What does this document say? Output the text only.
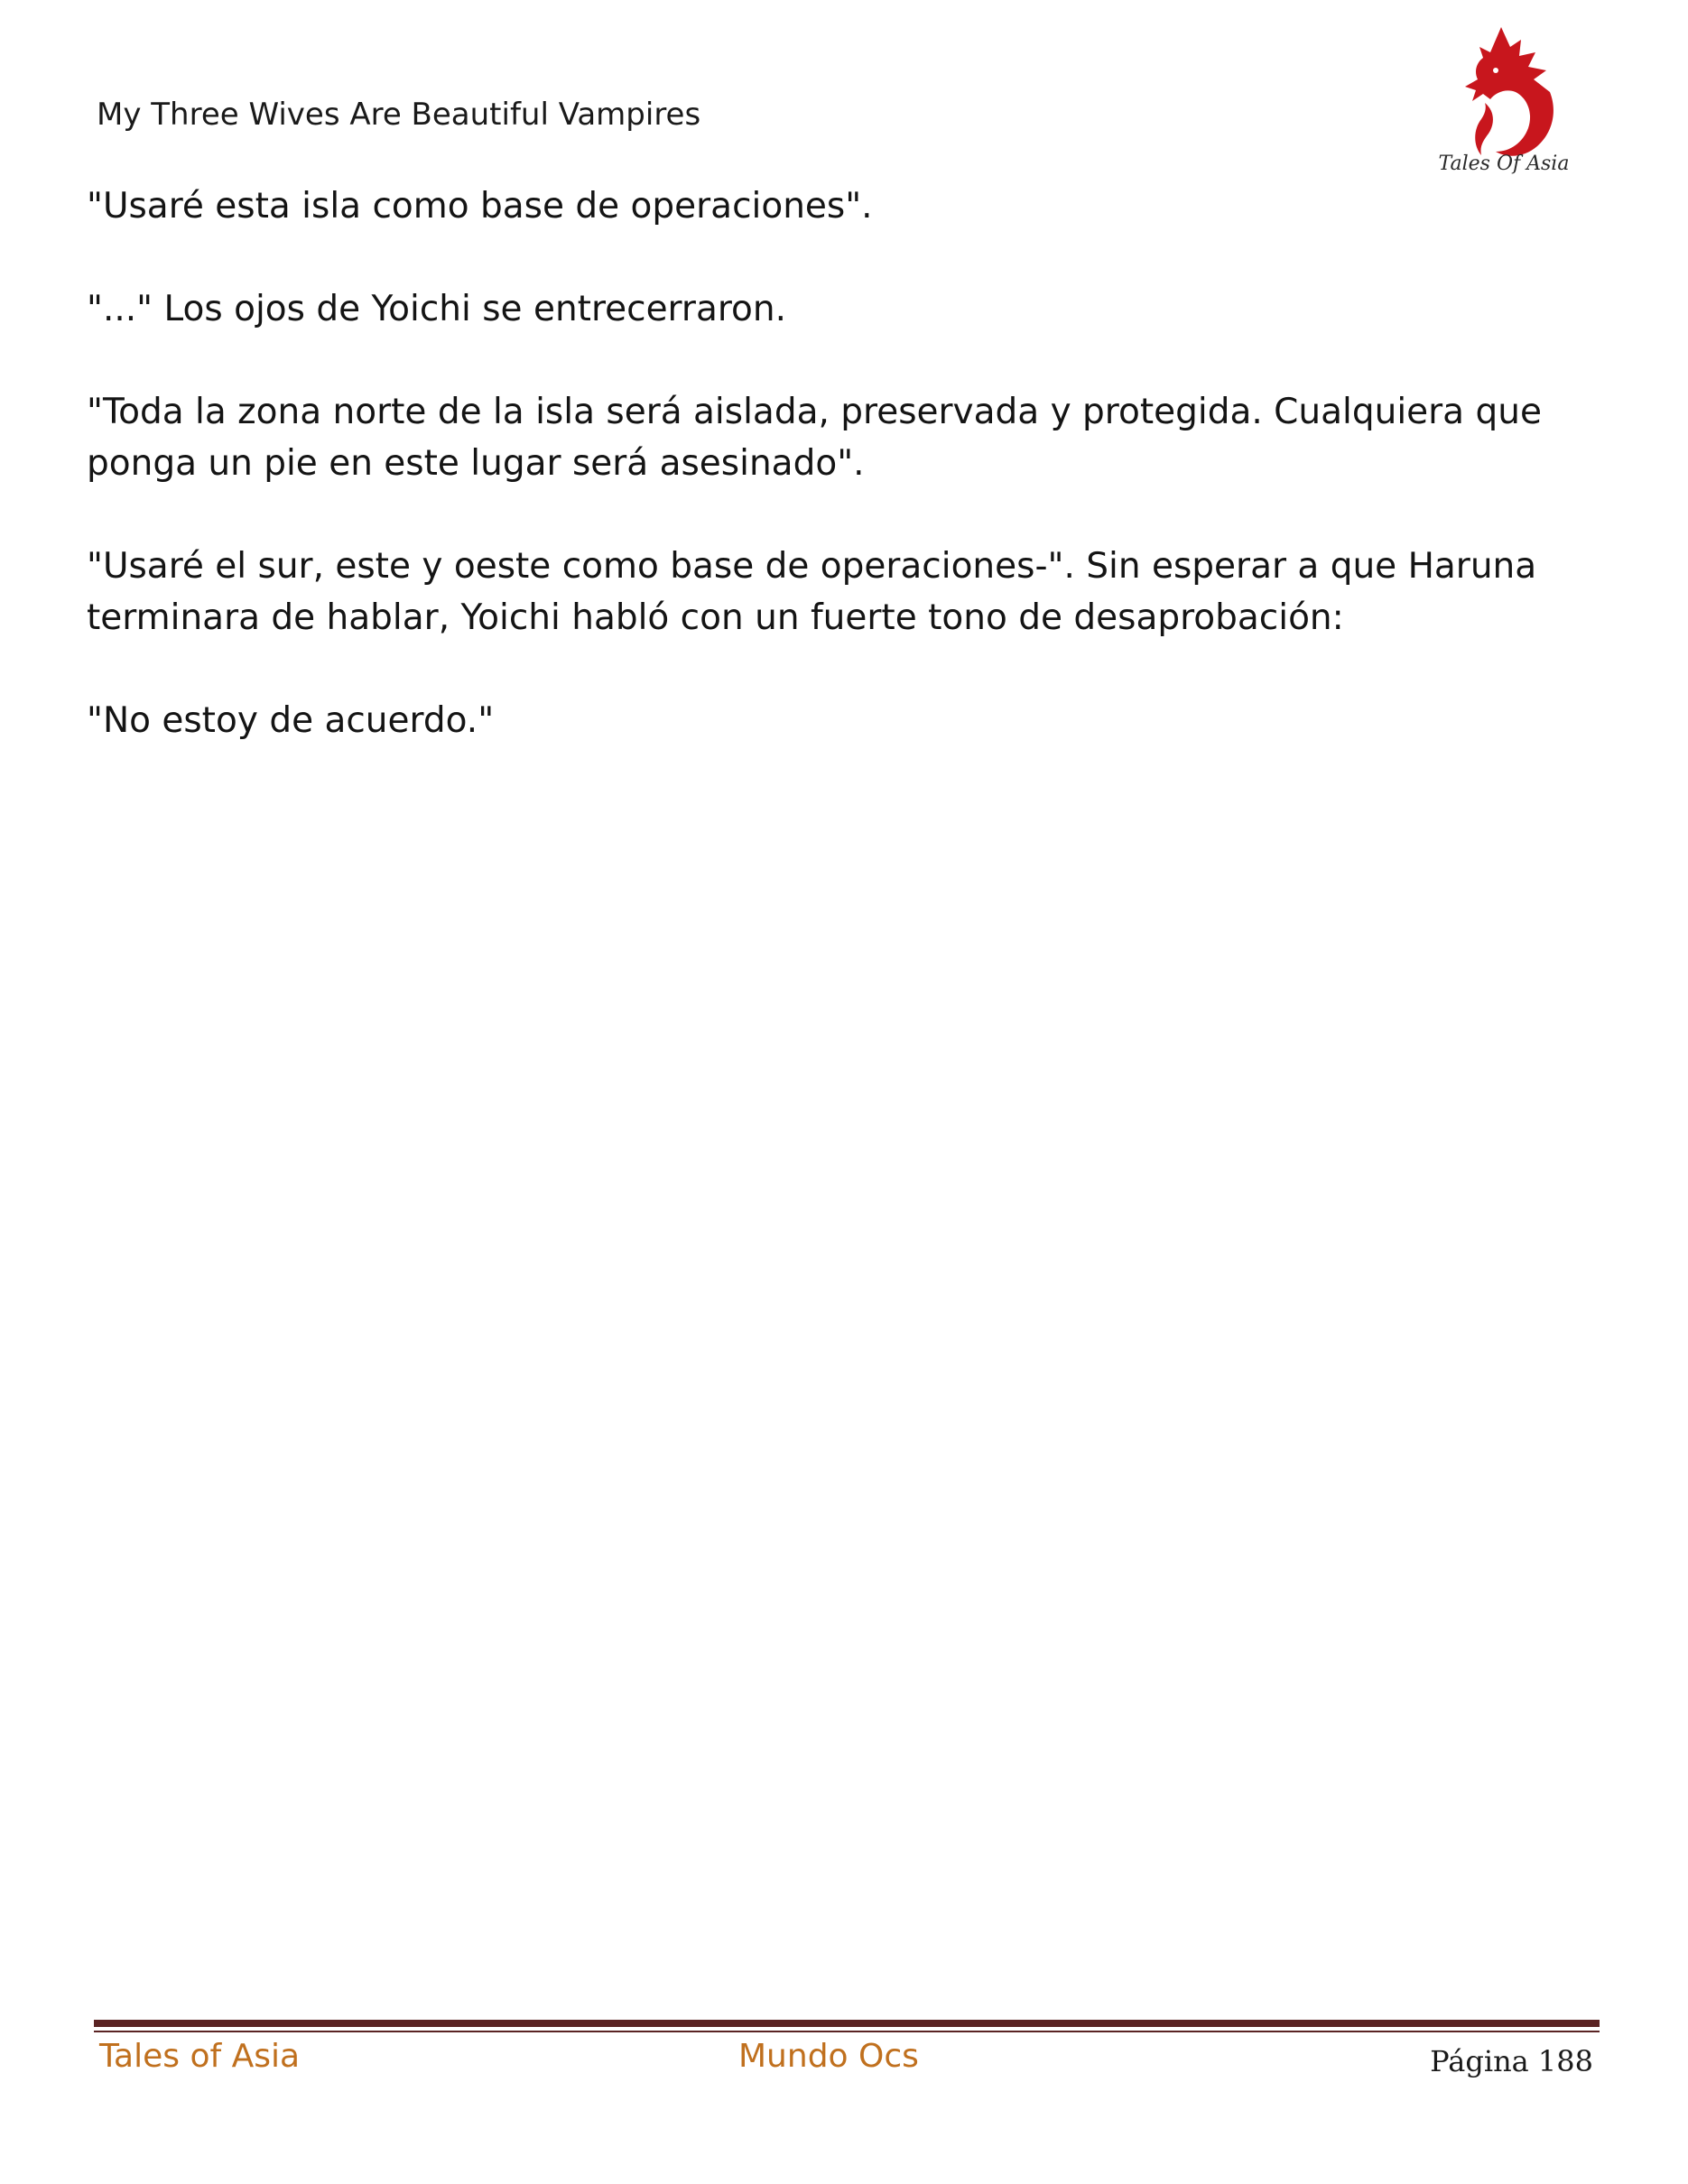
My Three Wives Are Beautiful Vampires
Tales Of Asia

"Usaré esta isla como base de operaciones".

"..." Los ojos de Yoichi se entrecerraron.

"Toda la zona norte de la isla será aislada, preservada y protegida. Cualquiera que ponga un pie en este lugar será asesinado".

"Usaré el sur, este y oeste como base de operaciones-". Sin esperar a que Haruna terminara de hablar, Yoichi habló con un fuerte tono de desaprobación:

"No estoy de acuerdo."

Tales of Asia	Mundo Ocs	Página 188
